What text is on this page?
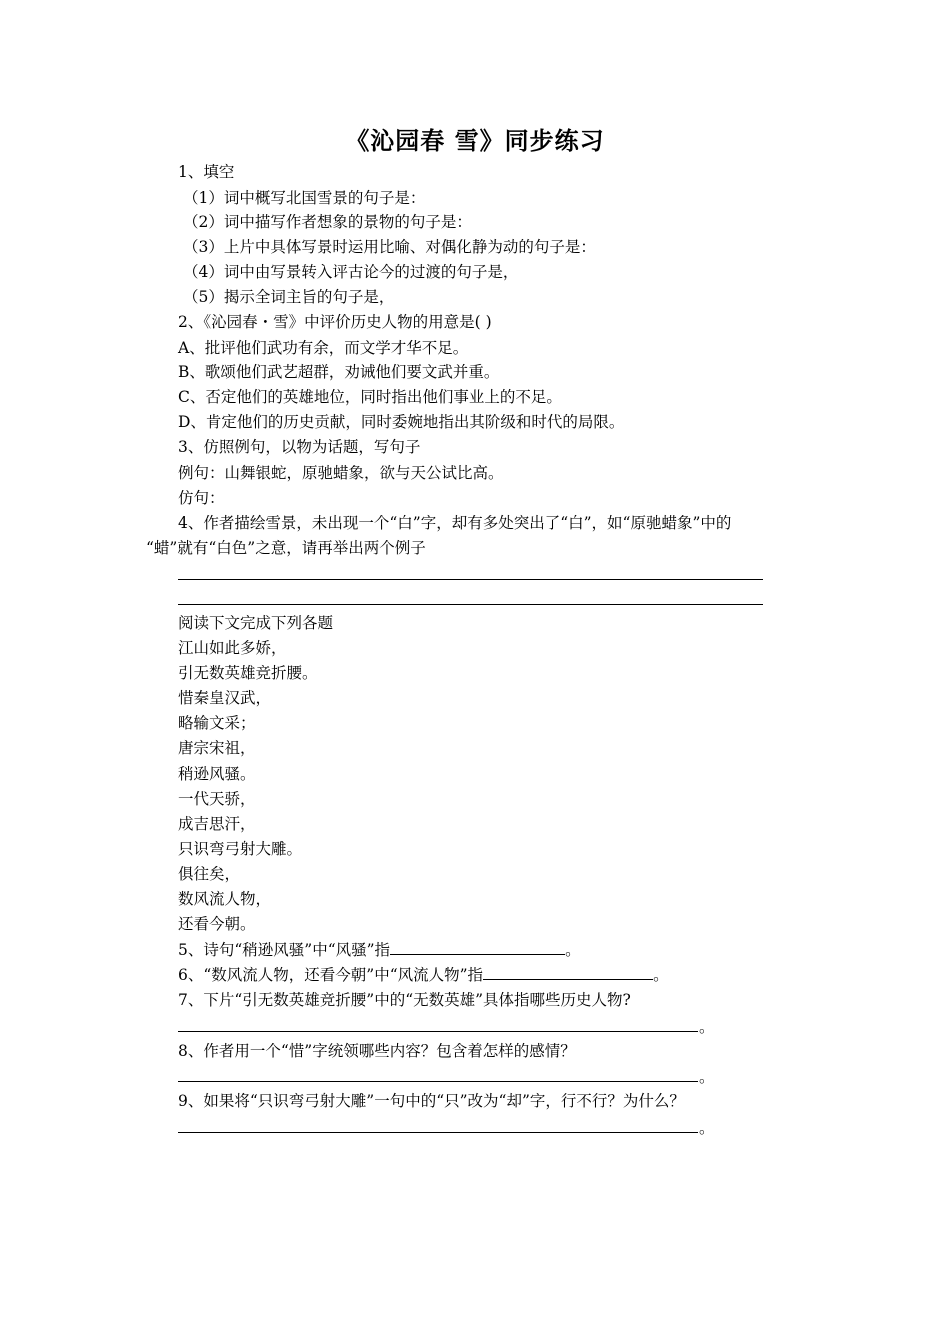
《沁园春 雪》同步练习
1、填空
（1）词中概写北国雪景的句子是：
（2）词中描写作者想象的景物的句子是：
（3）上片中具体写景时运用比喻、对偶化静为动的句子是：
（4）词中由写景转入评古论今的过渡的句子是，
（5）揭示全词主旨的句子是，
2、《沁园春・雪》中评价历史人物的用意是( )
A、批评他们武功有余，而文学才华不足。
B、歌颂他们武艺超群，劝诫他们要文武并重。
C、否定他们的英雄地位，同时指出他们事业上的不足。
D、肯定他们的历史贡献，同时委婉地指出其阶级和时代的局限。
3、仿照例句，以物为话题，写句子
例句：山舞银蛇，原驰蜡象，欲与天公试比高。
仿句：
4、作者描绘雪景，未出现一个“白”字，却有多处突出了“白”，如“原驰蜡象”中的
“蜡”就有“白色”之意，请再举出两个例子
阅读下文完成下列各题
江山如此多娇，
引无数英雄竞折腰。
惜秦皇汉武，
略输文采；
唐宗宋祖，
稍逊风骚。
一代天骄，
成吉思汗，
只识弯弓射大雕。
俱往矣，
数风流人物，
还看今朝。
5、诗句“稍逊风骚”中“风骚”指	。
6、“数风流人物，还看今朝”中“风流人物”指	。
7、下片“引无数英雄竞折腰”中的“无数英雄”具体指哪些历史人物?
。
8、作者用一个“惜”字统领哪些内容？包含着怎样的感情？
。
9、如果将“只识弯弓射大雕”一句中的“只”改为“却”字，行不行？为什么？
。
